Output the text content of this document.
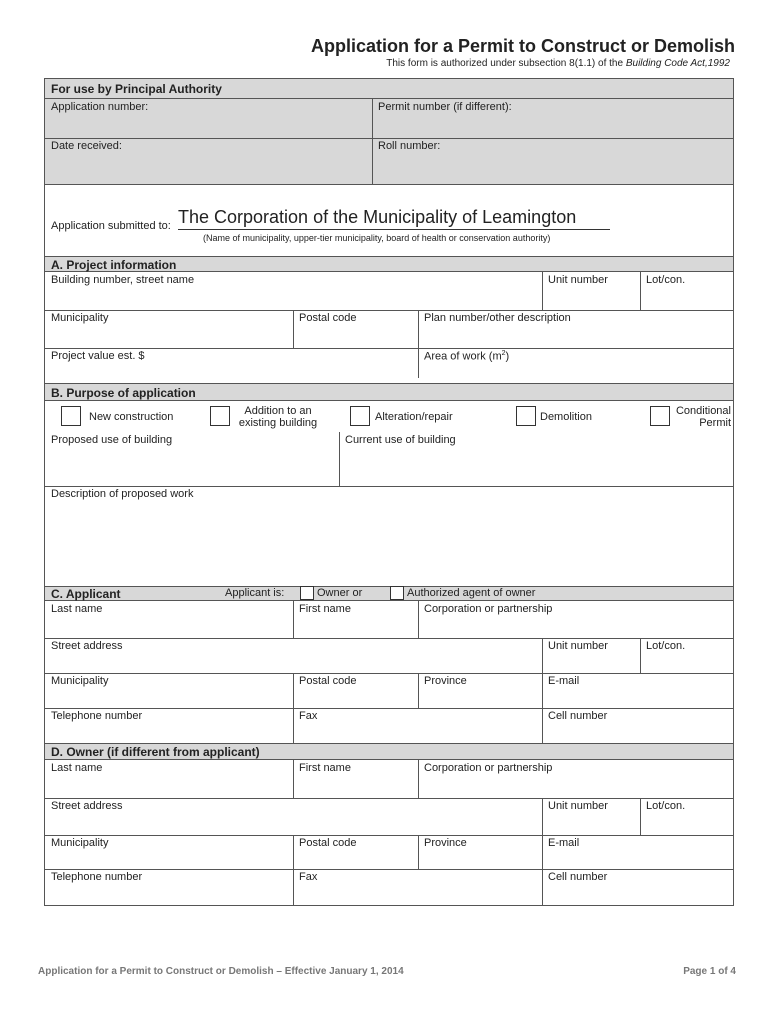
Application for a Permit to Construct or Demolish
This form is authorized under subsection 8(1.1) of the Building Code Act,1992
For use by Principal Authority
Application number:	Permit number (if different):
Date received:	Roll number:
Application submitted to: The Corporation of the Municipality of Leamington
(Name of municipality, upper-tier municipality, board of health or conservation authority)
A. Project information
Building number, street name	Unit number	Lot/con.
Municipality	Postal code	Plan number/other description
Project value est. $	Area of work $(m^2)$
B. Purpose of application
New construction	Addition to an
existing building	Alteration/repair	Demolition	Conditional
Permit
Proposed use of building	Current use of building
Description of proposed work
C. Applicant	Applicant is:	Owner or	Authorized agent of owner
Last name	First name	Corporation or partnership
Street address	Unit number	Lot/con.
Municipality	Postal code	Province	E-mail
Telephone number	Fax	Cell number
D. Owner (if different from applicant)
Last name	First name	Corporation or partnership
Street address	Unit number	Lot/con.
Municipality	Postal code	Province	E-mail
Telephone number	Fax	Cell number
Application for a Permit to Construct or Demolish – Effective January 1, 2014	Page 1 of 4
